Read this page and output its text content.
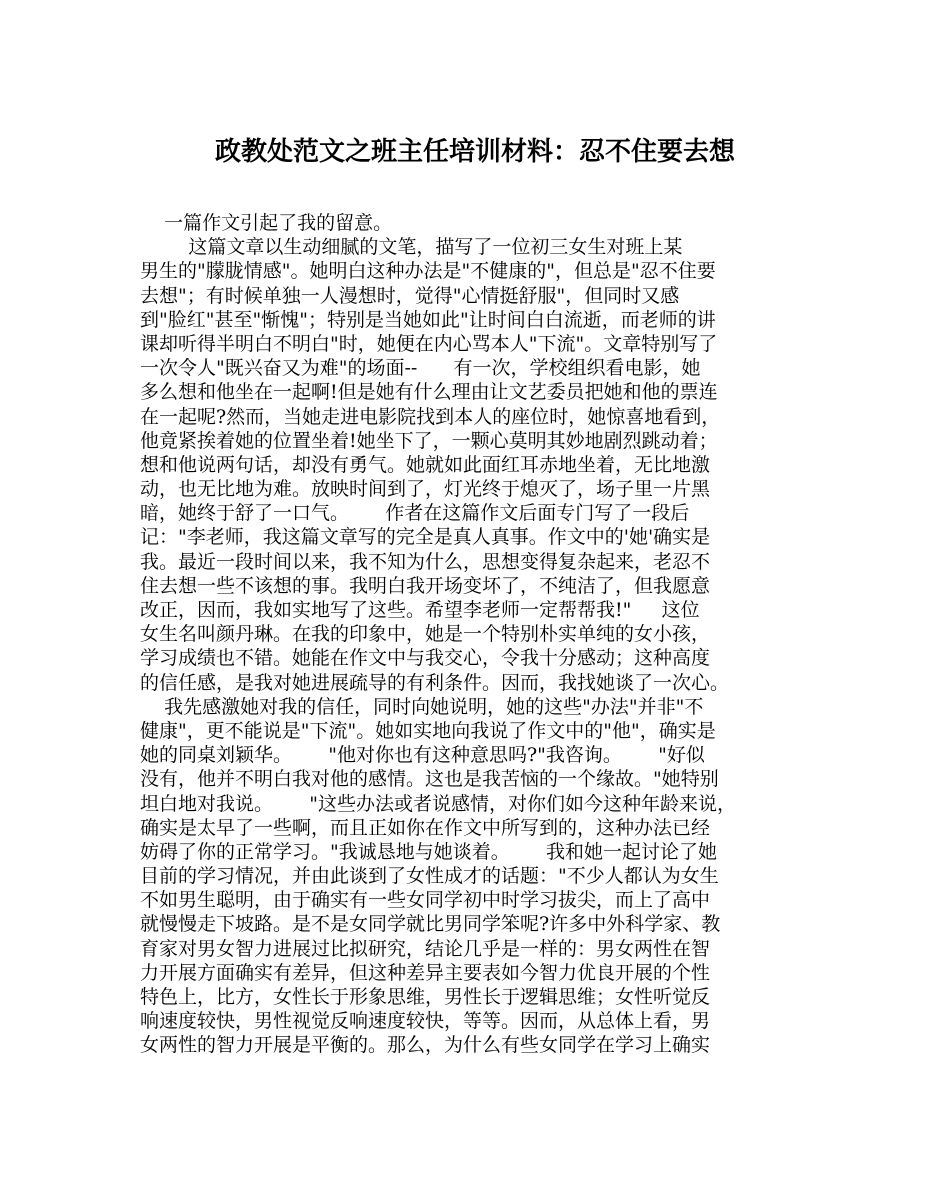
政教处范文之班主任培训材料：忍不住要去想
一篇作文引起了我的留意。
这篇文章以生动细腻的文笔，描写了一位初三女生对班上某
男生的"朦胧情感"。她明白这种办法是"不健康的"，但总是"忍不住要
去想"；有时候单独一人漫想时，觉得"心情挺舒服"，但同时又感
到"脸红"甚至"惭愧"；特别是当她如此"让时间白白流逝，而老师的讲
课却听得半明白不明白"时，她便在内心骂本人"下流"。文章特别写了
一次令人"既兴奋又为难"的场面--      有一次，学校组织看电影，她
多么想和他坐在一起啊!但是她有什么理由让文艺委员把她和他的票连
在一起呢?然而，当她走进电影院找到本人的座位时，她惊喜地看到，
他竟紧挨着她的位置坐着!她坐下了，一颗心莫明其妙地剧烈跳动着；
想和他说两句话，却没有勇气。她就如此面红耳赤地坐着，无比地激
动，也无比地为难。放映时间到了，灯光终于熄灭了，场子里一片黑
暗，她终于舒了一口气。      作者在这篇作文后面专门写了一段后
记："李老师，我这篇文章写的完全是真人真事。作文中的'她'确实是
我。最近一段时间以来，我不知为什么，思想变得复杂起来，老忍不
住去想一些不该想的事。我明白我开场变坏了，不纯洁了，但我愿意
改正，因而，我如实地写了这些。希望李老师一定帮帮我!"     这位
女生名叫颜丹琳。在我的印象中，她是一个特别朴实单纯的女小孩，
学习成绩也不错。她能在作文中与我交心，令我十分感动；这种高度
的信任感，是我对她进展疏导的有利条件。因而，我找她谈了一次心。
我先感激她对我的信任，同时向她说明，她的这些"办法"并非"不
健康"，更不能说是"下流"。她如实地向我说了作文中的"他"，确实是
她的同桌刘颖华。      "他对你也有这种意思吗?"我咨询。      "好似
没有，他并不明白我对他的感情。这也是我苦恼的一个缘故。"她特别
坦白地对我说。      "这些办法或者说感情，对你们如今这种年龄来说，
确实是太早了一些啊，而且正如你在作文中所写到的，这种办法已经
妨碍了你的正常学习。"我诚恳地与她谈着。      我和她一起讨论了她
目前的学习情况，并由此谈到了女性成才的话题："不少人都认为女生
不如男生聪明，由于确实有一些女同学初中时学习拔尖，而上了高中
就慢慢走下坡路。是不是女同学就比男同学笨呢?许多中外科学家、教
育家对男女智力进展过比拟研究，结论几乎是一样的：男女两性在智
力开展方面确实有差异，但这种差异主要表如今智力优良开展的个性
特色上，比方，女性长于形象思维，男性长于逻辑思维；女性听觉反
响速度较快，男性视觉反响速度较快，等等。因而，从总体上看，男
女两性的智力开展是平衡的。那么，为什么有些女同学在学习上确实
